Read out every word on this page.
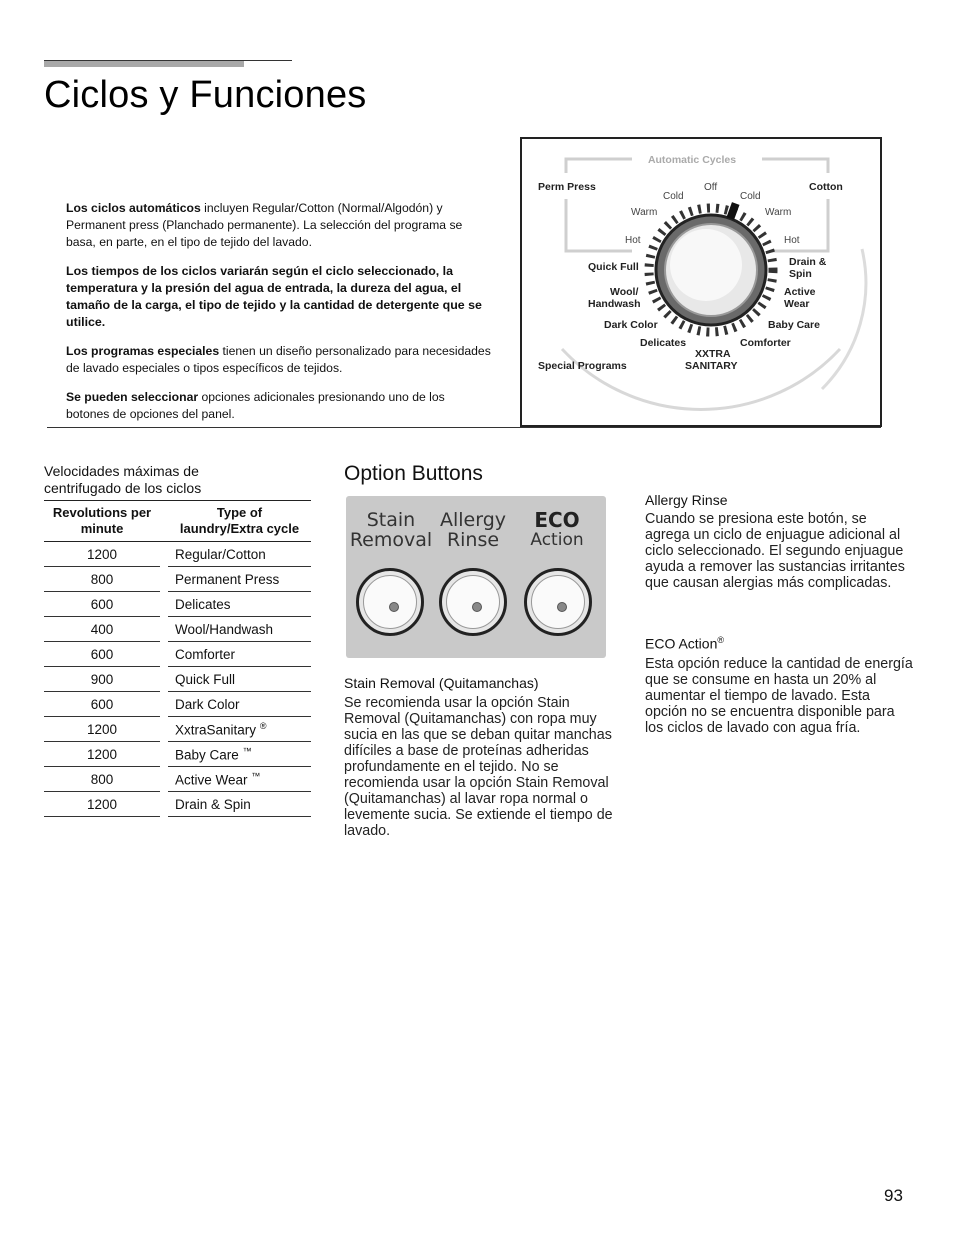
Ciclos y Funciones

Los ciclos automáticos incluyen Regular/Cotton (Normal/Algodón) y Permanent press (Planchado permanente). La selección del programa se basa, en parte, en el tipo de tejido del lavado.

Los tiempos de los ciclos variarán según el ciclo seleccionado, la temperatura y la presión del agua de entrada, la dureza del agua, el tamaño de la carga, el tipo de tejido y la cantidad de detergente que se utilice.

Los programas especiales tienen un diseño personalizado para necesidades de lavado especiales o tipos específicos de tejidos.

Se pueden seleccionar opciones adicionales presionando uno de los botones de opciones del panel.

Automatic Cycles
Perm Press	Cotton
Quick Full
Wool/
Handwash
Dark Color
Delicates
XXTRA
SANITARY
Comforter
Baby Care
Active
Wear
Drain &
Spin
Special Programs
Off
Cold	Cold
Warm	Warm
Hot	Hot
Velocidades máximas de
centrifugado de los ciclos
Revolutions per
minute		Type of
laundry/Extra cycle
1200		Regular/Cotton
800		Permanent Press
600		Delicates
400		Wool/Handwash
600		Comforter
900		Quick Full
600		Dark Color
1200		XxtraSanitary ®
1200		Baby Care ™
800		Active Wear ™
1200		Drain & Spin
Option Buttons
Stain
Removal
Allergy
Rinse
ECO
Action
Stain Removal (Quitamanchas)

Se recomienda usar la opción Stain Removal (Quitamanchas) con ropa muy sucia en las que se deban quitar manchas difíciles a base de proteínas adheridas profundamente en el tejido. No se recomienda usar la opción Stain Removal (Quitamanchas) al lavar ropa normal o levemente sucia. Se extiende el tiempo de lavado.

Allergy Rinse

Cuando se presiona este botón, se agrega un ciclo de enjuague adicional al ciclo seleccionado. El segundo enjuague ayuda a remover las sustancias irritantes que causan alergias más complicadas.

ECO Action®

Esta opción reduce la cantidad de energía que se consume en hasta un 20% al aumentar el tiempo de lavado. Esta opción no se encuentra disponible para los ciclos de lavado con agua fría.

93
